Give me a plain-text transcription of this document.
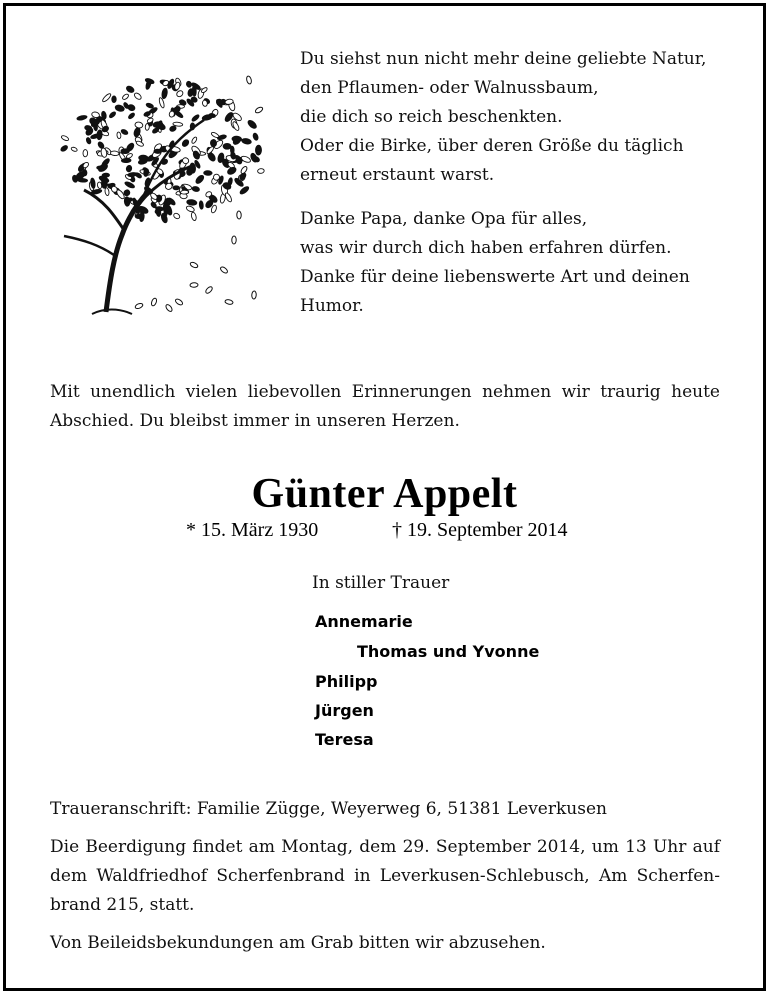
Du siehst nun nicht mehr deine geliebte Natur,
den Pflaumen- oder Walnussbaum,
die dich so reich beschenkten.
Oder die Birke, über deren Größe du täglich
erneut erstaunt warst.
Danke Papa, danke Opa für alles,
was wir durch dich haben erfahren dürfen.
Danke für deine liebenswerte Art und deinen
Humor.
Mit unendlich vielen liebevollen Erinnerungen nehmen wir traurig heute Abschied. Du bleibst immer in unseren Herzen.
Günter Appelt
* 15. März 1930	† 19. September 2014
In stiller Trauer
Annemarie
Thomas und Yvonne
Philipp
Jürgen
Teresa
Traueranschrift: Familie Zügge, Weyerweg 6, 51381 Leverkusen
Die Beerdigung findet am Montag, dem 29. September 2014, um 13 Uhr auf dem Waldfriedhof Scherfenbrand in Leverkusen-Schlebusch, Am Scherfen-brand 215, statt.
Von Beileidsbekundungen am Grab bitten wir abzusehen.
